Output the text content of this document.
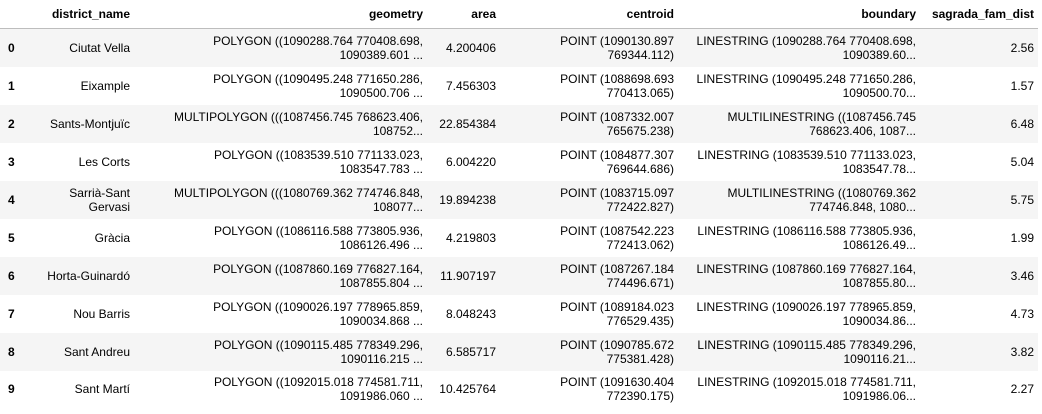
	district_name	geometry	area	centroid	boundary	sagrada_fam_dist
0	Ciutat Vella	POLYGON ((1090288.764 770408.698,
1090389.601 ...	4.200406	POINT (1090130.897
769344.112)	LINESTRING (1090288.764 770408.698,
1090389.60...	2.56
1	Eixample	POLYGON ((1090495.248 771650.286,
1090500.706 ...	7.456303	POINT (1088698.693
770413.065)	LINESTRING (1090495.248 771650.286,
1090500.70...	1.57
2	Sants-Montjuïc	MULTIPOLYGON (((1087456.745 768623.406,
108752...	22.854384	POINT (1087332.007
765675.238)	MULTILINESTRING ((1087456.745
768623.406, 1087...	6.48
3	Les Corts	POLYGON ((1083539.510 771133.023,
1083547.783 ...	6.004220	POINT (1084877.307
769644.686)	LINESTRING (1083539.510 771133.023,
1083547.78...	5.04
4	Sarrià-Sant
Gervasi	MULTIPOLYGON (((1080769.362 774746.848,
108077...	19.894238	POINT (1083715.097
772422.827)	MULTILINESTRING ((1080769.362
774746.848, 1080...	5.75
5	Gràcia	POLYGON ((1086116.588 773805.936,
1086126.496 ...	4.219803	POINT (1087542.223
772413.062)	LINESTRING (1086116.588 773805.936,
1086126.49...	1.99
6	Horta-Guinardó	POLYGON ((1087860.169 776827.164,
1087855.804 ...	11.907197	POINT (1087267.184
774496.671)	LINESTRING (1087860.169 776827.164,
1087855.80...	3.46
7	Nou Barris	POLYGON ((1090026.197 778965.859,
1090034.868 ...	8.048243	POINT (1089184.023
776529.435)	LINESTRING (1090026.197 778965.859,
1090034.86...	4.73
8	Sant Andreu	POLYGON ((1090115.485 778349.296,
1090116.215 ...	6.585717	POINT (1090785.672
775381.428)	LINESTRING (1090115.485 778349.296,
1090116.21...	3.82
9	Sant Martí	POLYGON ((1092015.018 774581.711,
1091986.060 ...	10.425764	POINT (1091630.404
772390.175)	LINESTRING (1092015.018 774581.711,
1091986.06...	2.27
